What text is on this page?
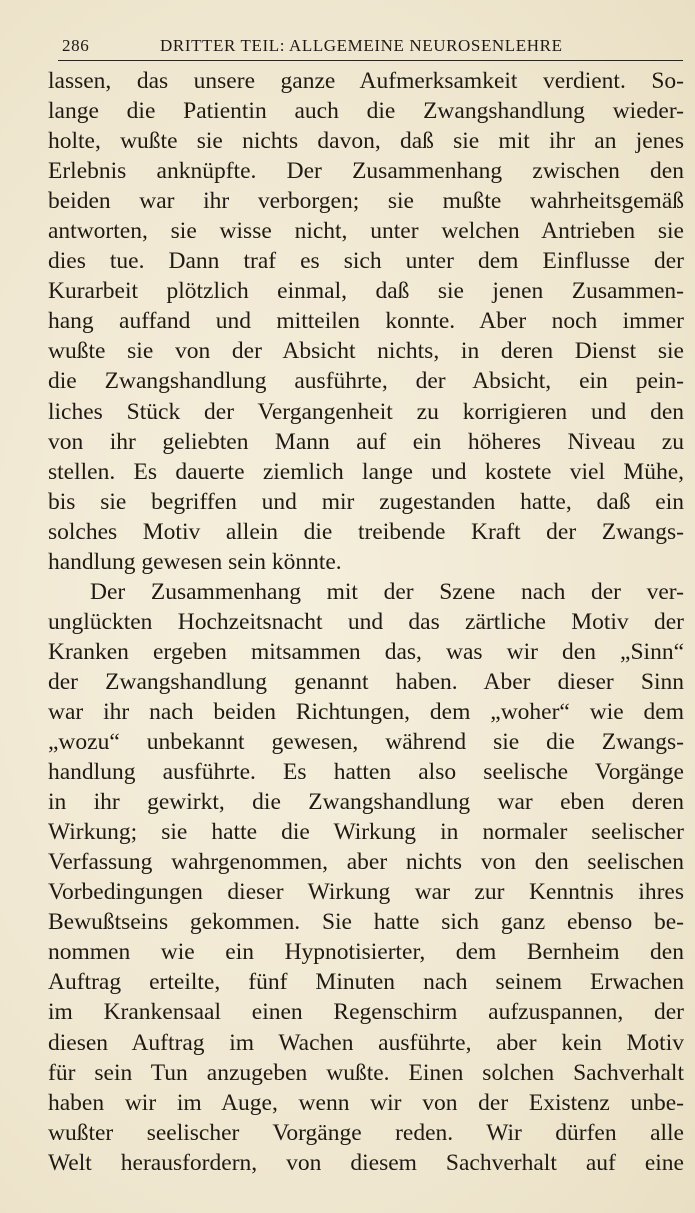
286	DRITTER TEIL: ALLGEMEINE NEUROSENLEHRE
lassen, das unsere ganze Aufmerksamkeit verdient. So-
lange die Patientin auch die Zwangshandlung wieder-
holte, wußte sie nichts davon, daß sie mit ihr an jenes
Erlebnis anknüpfte. Der Zusammenhang zwischen den
beiden war ihr verborgen; sie mußte wahrheitsgemäß
antworten, sie wisse nicht, unter welchen Antrieben sie
dies tue. Dann traf es sich unter dem Einflusse der
Kurarbeit plötzlich einmal, daß sie jenen Zusammen-
hang auffand und mitteilen konnte. Aber noch immer
wußte sie von der Absicht nichts, in deren Dienst sie
die Zwangshandlung ausführte, der Absicht, ein pein-
liches Stück der Vergangenheit zu korrigieren und den
von ihr geliebten Mann auf ein höheres Niveau zu
stellen. Es dauerte ziemlich lange und kostete viel Mühe,
bis sie begriffen und mir zugestanden hatte, daß ein
solches Motiv allein die treibende Kraft der Zwangs-
handlung gewesen sein könnte.
Der Zusammenhang mit der Szene nach der ver-
unglückten Hochzeitsnacht und das zärtliche Motiv der
Kranken ergeben mitsammen das, was wir den „Sinn“
der Zwangshandlung genannt haben. Aber dieser Sinn
war ihr nach beiden Richtungen, dem „woher“ wie dem
„wozu“ unbekannt gewesen, während sie die Zwangs-
handlung ausführte. Es hatten also seelische Vorgänge
in ihr gewirkt, die Zwangshandlung war eben deren
Wirkung; sie hatte die Wirkung in normaler seelischer
Verfassung wahrgenommen, aber nichts von den seelischen
Vorbedingungen dieser Wirkung war zur Kenntnis ihres
Bewußtseins gekommen. Sie hatte sich ganz ebenso be-
nommen wie ein Hypnotisierter, dem Bernheim den
Auftrag erteilte, fünf Minuten nach seinem Erwachen
im Krankensaal einen Regenschirm aufzuspannen, der
diesen Auftrag im Wachen ausführte, aber kein Motiv
für sein Tun anzugeben wußte. Einen solchen Sachverhalt
haben wir im Auge, wenn wir von der Existenz unbe-
wußter seelischer Vorgänge reden. Wir dürfen alle
Welt herausfordern, von diesem Sachverhalt auf eine
